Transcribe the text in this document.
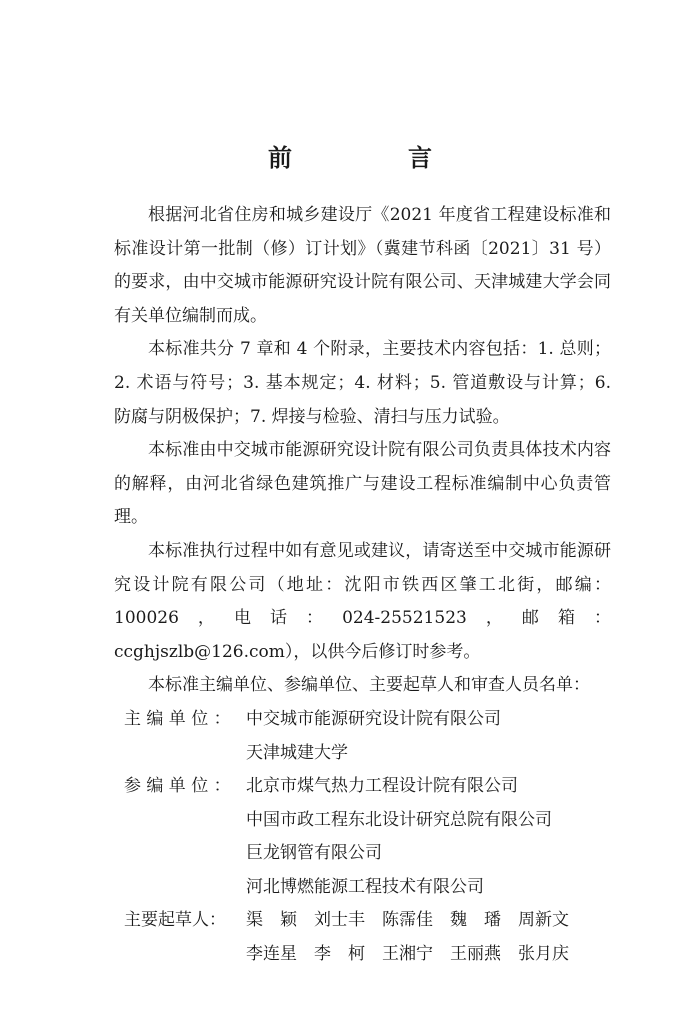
前　言

根据河北省住房和城乡建设厅《2021 年度省工程建设标准和标准设计第一批制（修）订计划》（冀建节科函〔2021〕31 号）的要求，由中交城市能源研究设计院有限公司、天津城建大学会同有关单位编制而成。

本标准共分 7 章和 4 个附录，主要技术内容包括：1. 总则；2. 术语与符号；3. 基本规定；4. 材料；5. 管道敷设与计算；6. 防腐与阴极保护；7. 焊接与检验、清扫与压力试验。

本标准由中交城市能源研究设计院有限公司负责具体技术内容的解释，由河北省绿色建筑推广与建设工程标准编制中心负责管理。

本标准执行过程中如有意见或建议，请寄送至中交城市能源研究设计院有限公司（地址：沈阳市铁西区肇工北街，邮编：100026，电话：024-25521523，邮箱：ccghjszlb@126.com），以供今后修订时参考。

本标准主编单位、参编单位、主要起草人和审查人员名单：

主 编 单 位 ： 中交城市能源研究设计院有限公司
天津城建大学
参 编 单 位 ： 北京市煤气热力工程设计院有限公司
中国市政工程东北设计研究总院有限公司
巨龙钢管有限公司
河北博燃能源工程技术有限公司
主要起草人：	渠　颖　刘士丰　陈霈佳　魏　璠　周新文
李连星　李　柯　王湘宁　王丽燕　张月庆
